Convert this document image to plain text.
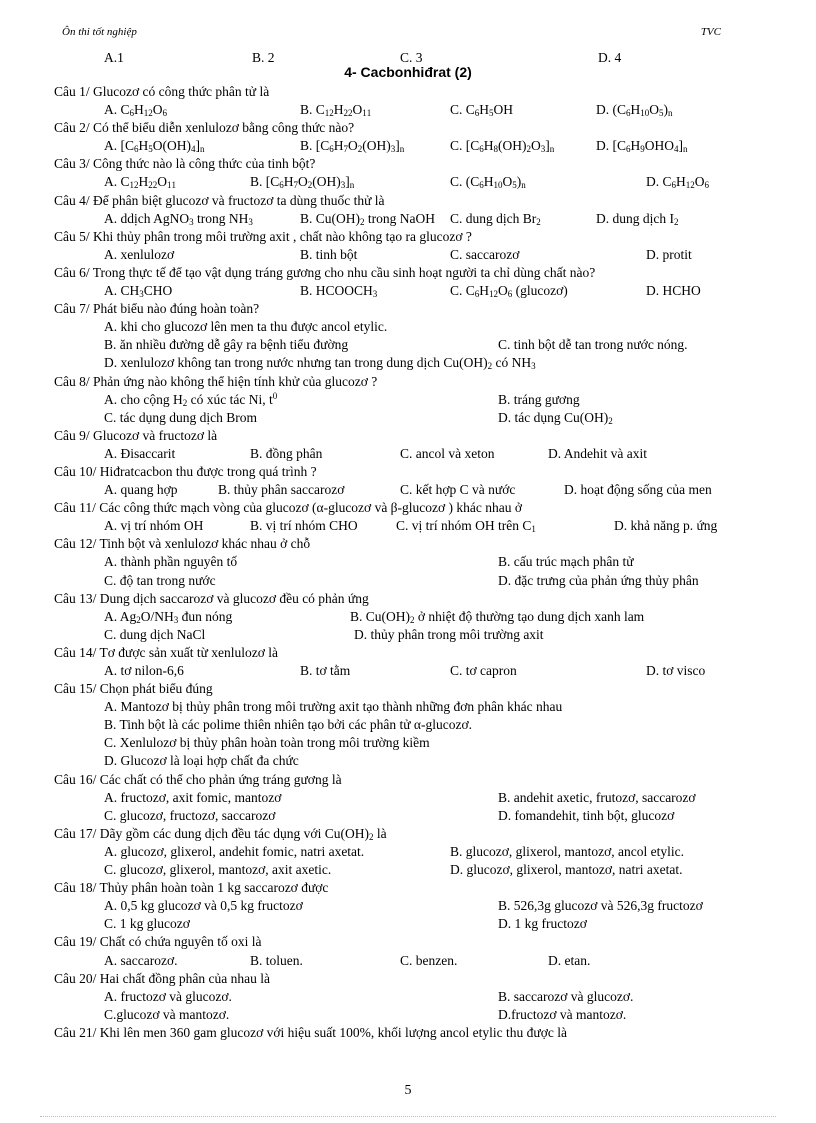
Ôn thi tốt nghiệp	TVC
A.1	B. 2	C. 3	D. 4
4- Cacbonhiđrat (2)
Câu 1/ Glucozơ có công thức phân tử là
A. $C_6H_{12}O_6$	B. $C_{12}H_{22}O_{11}$	C. $C_6H_5OH$	D. $(C_6H_{10}O_5)_n$
Câu 2/ Có thể biểu diễn xenlulozơ bằng công thức nào?
A. $[C_6H_5O(OH)_4]_n$	B. $[C_6H_7O_2(OH)_3]_n$	C. $[C_6H_8(OH)_2O_3]_n$	D. $[C_6H_9OHO_4]_n$
Câu 3/ Công thức nào là công thức của tinh bột?
A. $C_{12}H_{22}O_{11}$	B. $[C_6H_7O_2(OH)_3]_n$	C. $(C_6H_{10}O_5)_n$	D. $C_6H_{12}O_6$
Câu 4/ Để phân biệt glucozơ và fructozơ ta dùng thuốc thử là
A. ddịch AgNO$_3$ trong $NH_3$	B. $Cu(OH)_2$ trong NaOH C. dung dịch $Br_2$	D. dung dịch $I_2$
Câu 5/ Khi thủy phân trong môi trường axit , chất nào không tạo ra glucozơ ?
A. xenlulozơ	B. tinh bột	C. saccarozơ	D. protit
Câu 6/ Trong thực tế để tạo vật dụng tráng gương cho nhu cầu sinh hoạt người ta chỉ dùng chất nào?
A. $CH_3CHO$	B. $HCOOCH_3$	C. $C_6H_{12}O_6$ (glucozơ)	D. HCHO
Câu 7/ Phát biểu nào đúng hoàn toàn?
A. khi cho glucozơ lên men ta thu được ancol etylic.
B. ăn nhiều đường dễ gây ra bệnh tiểu đường	C. tinh bột dễ tan trong nước nóng.
D. xenlulozơ không tan trong nước nhưng tan trong dung dịch $Cu(OH)_2$ có $NH_3$
Câu 8/ Phản ứng nào không thể hiện tính khử của glucozơ ?
A. cho cộng $H_2$ có xúc tác Ni, $t^0$	B. tráng gương
C. tác dụng dung dịch Brom	D. tác dụng $Cu(OH)_2$
Câu 9/ Glucozơ và fructozơ là
A. Đisaccarit	B. đồng phân	C. ancol và xeton	D. Andehit và axit
Câu 10/ Hiđratcacbon thu được trong quá trình ?
A. quang hợp	B. thủy phân saccarozơ	C. kết hợp C và nước	D. hoạt động sống của men
Câu 11/ Các công thức mạch vòng của glucozơ (α-glucozơ và β-glucozơ ) khác nhau ở
A. vị trí nhóm OH	B. vị trí nhóm CHO	C. vị trí nhóm OH trên $C_1$	D. khả năng p. ứng
Câu 12/ Tinh bột và xenlulozơ khác nhau ở chỗ
A. thành phần nguyên tố	B. cấu trúc mạch phân tử
C. độ tan trong nước	D. đặc trưng của phản ứng thủy phân
Câu 13/ Dung dịch saccarozơ và glucozơ đều có phản ứng
A. $Ag_2O/NH_3$ đun nóng	B. $Cu(OH)_2$ ở nhiệt độ thường tạo dung dịch xanh lam
C. dung dịch NaCl	D. thủy phân trong môi trường axit
Câu 14/ Tơ được sản xuất từ xenlulozơ là
A. tơ nilon-6,6	B. tơ tằm	C. tơ capron	D. tơ visco
Câu 15/ Chọn phát biểu đúng
A. Mantozơ bị thủy phân trong môi trường axit tạo thành những đơn phân khác nhau
B. Tinh bột là các polime thiên nhiên tạo bởi các phân tử α-glucozơ.
C. Xenlulozơ bị thủy phân hoàn toàn trong môi trường kiềm
D. Glucozơ là loại hợp chất đa chức
Câu 16/ Các chất có thể cho phản ứng tráng gương là
A. fructozơ, axit fomic, mantozơ	B. andehit axetic, frutozơ, saccarozơ
C. glucozơ, fructozơ, saccarozơ	D. fomandehit, tinh bột, glucozơ
Câu 17/ Dãy gồm các dung dịch đều tác dụng với $Cu(OH)_2$ là
A. glucozơ, glixerol, andehit fomic, natri axetat.	B. glucozơ, glixerol, mantozơ, ancol etylic.
C. glucozơ, glixerol, mantozơ, axit axetic.	D. glucozơ, glixerol, mantozơ, natri axetat.
Câu 18/ Thủy phân hoàn toàn 1 kg saccarozơ được
A. 0,5 kg glucozơ và 0,5 kg fructozơ	B. 526,3g glucozơ và 526,3g fructozơ
C. 1 kg glucozơ	D. 1 kg fructozơ
Câu 19/ Chất có chứa nguyên tố oxi là
A. saccarozơ.	B. toluen.	C. benzen.	D. etan.
Câu 20/ Hai chất đồng phân của nhau là
A. fructozơ và glucozơ.	B. saccarozơ và glucozơ.
C.glucozơ và mantozơ.	D.fructozơ và mantozơ.
Câu 21/ Khi lên men 360 gam glucozơ với hiệu suất 100%, khối lượng ancol etylic thu được là
5
